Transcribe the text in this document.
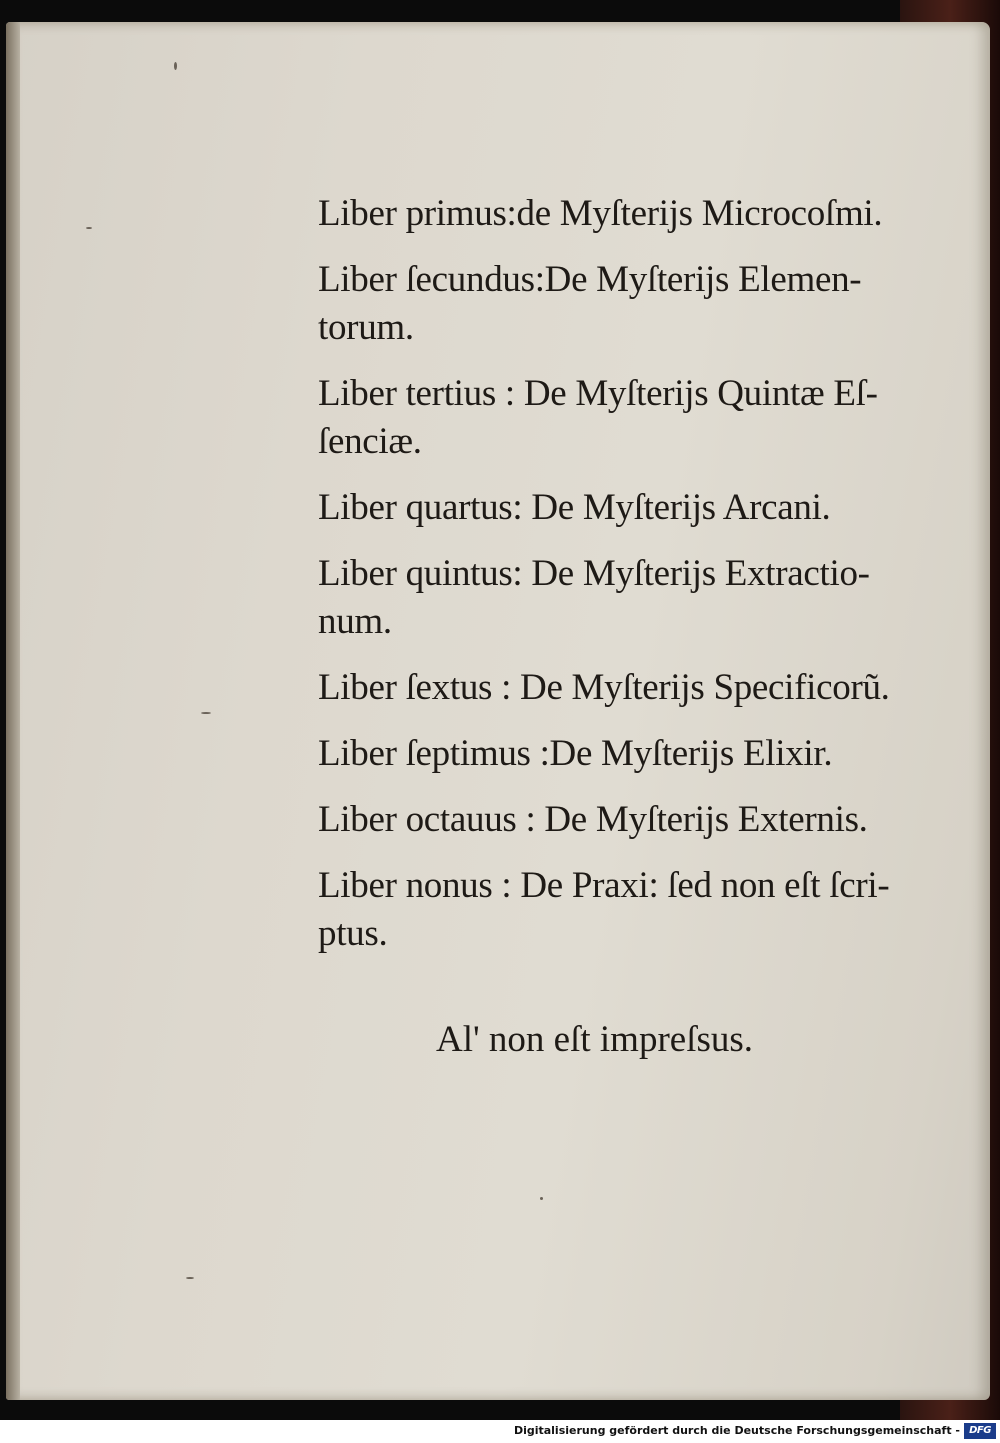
Liber primus:de Myſterijs Microcoſmi.
Liber ſecundus:De Myſterijs Elemen-
torum.
Liber tertius : De Myſterijs Quintæ Eſ-
ſenciæ.
Liber quartus: De Myſterijs Arcani.
Liber quintus: De Myſterijs Extractio-
num.
Liber ſextus : De Myſterijs Specificorũ.
Liber ſeptimus :De Myſterijs Elixir.
Liber octauus : De Myſterijs Externis.
Liber nonus : De Praxi: ſed non eſt ſcri-
ptus.
Al' non eſt impreſsus.
Digitalisierung gefördert durch die Deutsche Forschungsgemeinschaft - DFG
